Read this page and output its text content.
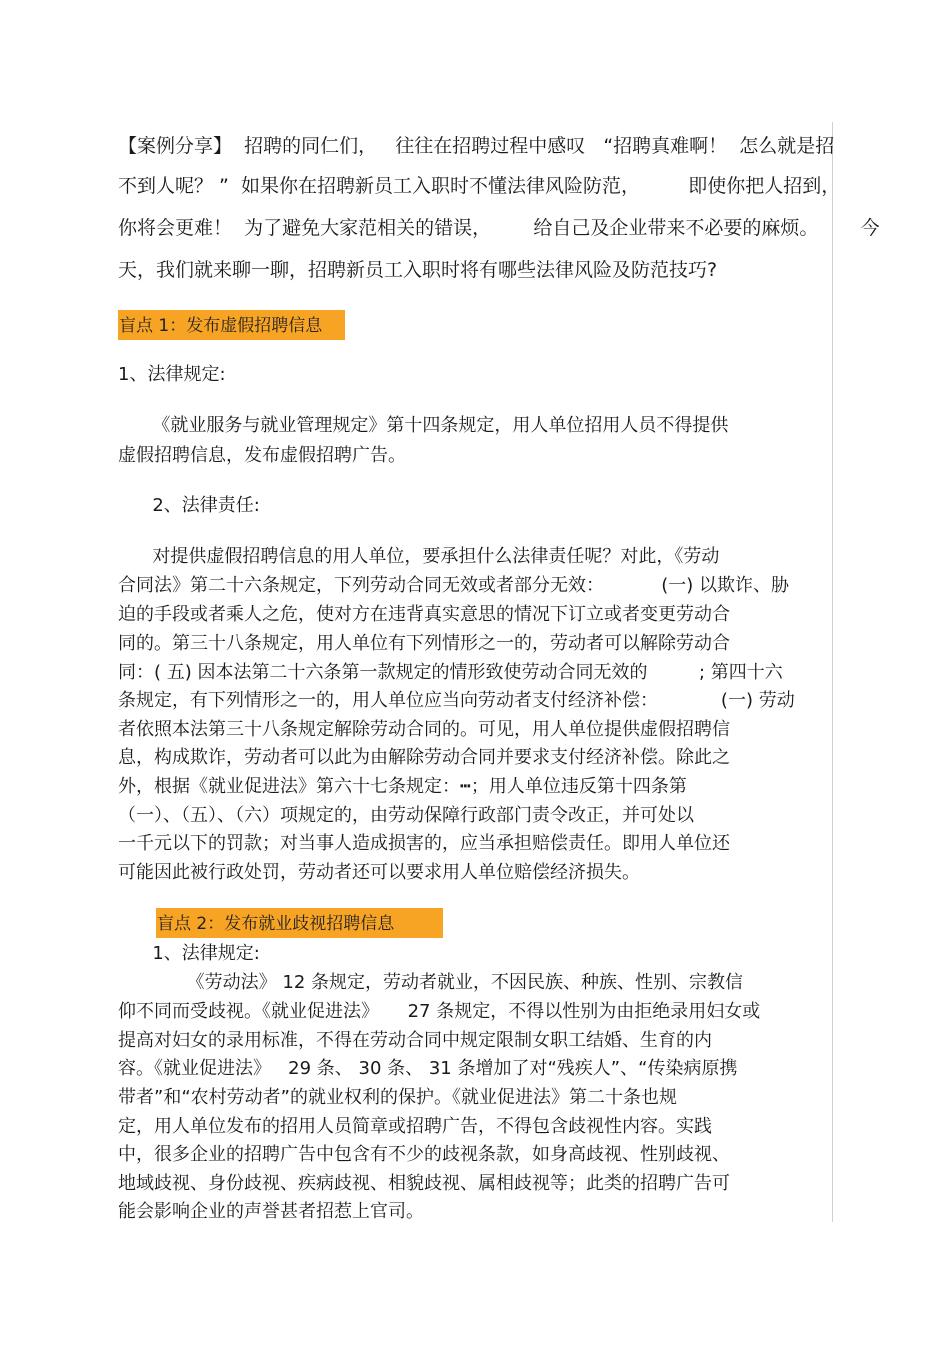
【案例分享】  招聘的同仁们，   往往在招聘过程中感叹   “招聘真难啊！  怎么就是招
不到人呢？ ”  如果你在招聘新员工入职时不懂法律风险防范，        即使你把人招到，
你将会更难！  为了避免大家范相关的错误，       给自己及企业带来不必要的麻烦。       今
天，我们就来聊一聊，招聘新员工入职时将有哪些法律风险及防范技巧?
盲点 1：发布虚假招聘信息
1、法律规定:
《就业服务与就业管理规定》第十四条规定，用人单位招用人员不得提供
虚假招聘信息，发布虚假招聘广告。
2、法律责任:
对提供虚假招聘信息的用人单位，要承担什么法律责任呢？对此，《劳动
合同法》第二十六条规定，下列劳动合同无效或者部分无效：          (一) 以欺诈、胁
迫的手段或者乘人之危，使对方在违背真实意思的情况下订立或者变更劳动合
同的。第三十八条规定，用人单位有下列情形之一的，劳动者可以解除劳动合
同：( 五) 因本法第二十六条第一款规定的情形致使劳动合同无效的         ; 第四十六
条规定，有下列情形之一的，用人单位应当向劳动者支付经济补偿：           (一) 劳动
者依照本法第三十八条规定解除劳动合同的。可见，用人单位提供虚假招聘信
息，构成欺诈，劳动者可以此为由解除劳动合同并要求支付经济补偿。除此之
外，根据《就业促进法》第六十七条规定：┅；用人单位违反第十四条第
（一）、（五）、（六）项规定的，由劳动保障行政部门责令改正，并可处以
一千元以下的罚款；对当事人造成损害的，应当承担赔偿责任。即用人单位还
可能因此被行政处罚，劳动者还可以要求用人单位赔偿经济损失。
盲点 2：发布就业歧视招聘信息
1、法律规定:
《劳动法》 12 条规定，劳动者就业，不因民族、种族、性别、宗教信
仰不同而受歧视。《就业促进法》     27 条规定，不得以性别为由拒绝录用妇女或
提高对妇女的录用标准，不得在劳动合同中规定限制女职工结婚、生育的内
容。《就业促进法》   29 条、 30 条、 31 条增加了对“残疾人”、“传染病原携
带者”和“农村劳动者”的就业权利的保护。《就业促进法》第二十条也规
定，用人单位发布的招用人员简章或招聘广告，不得包含歧视性内容。实践
中，很多企业的招聘广告中包含有不少的歧视条款，如身高歧视、性别歧视、
地域歧视、身份歧视、疾病歧视、相貌歧视、属相歧视等；此类的招聘广告可
能会影响企业的声誉甚者招惹上官司。
